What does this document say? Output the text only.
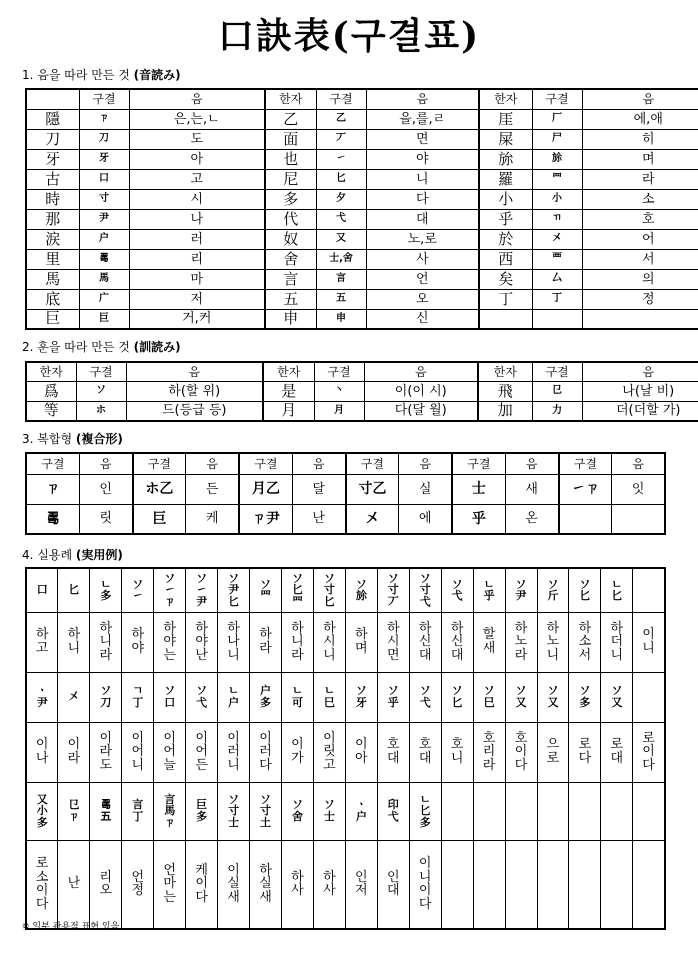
口訣表(구결표)
1. 음을 따라 만든 것 (音読み)
	구결	음	한자	구결	음	한자	구결	음
隱	ㄗ	은,는,ㄴ	乙	乙	을,를,ㄹ	厓	厂	에,애
刀	刀	도	面	丆	면	屎	尸	히
牙	牙	아	也	㇀	야	旀	㫆	며
古	口	고	尼	匕	니	羅	罒	라
時	寸	시	多	夕	다	小	小	소
那	尹	나	代	弋	대	乎	ㄲ	호
涙	户	러	奴	又	노,로	於	㐅	어
里	𠷎	리	舍	士,舍	사	西	覀	서
馬	馬	마	言	言	언	矣	厶	의
底	广	저	五	五	오	丁	丁	정
巨	巨	거,커	申	申	신			
2. 훈을 따라 만든 것 (訓読み)
한자	구결	음	한자	구결	음	한자	구결	음
爲	ソ	하(할 위)	是	丶	이(이 시)	飛	㔾	나(날 비)
等	ホ	드(등급 등)	月	月	다(달 월)	加	力	더(더할 가)
3. 복합형 (複合形)
구결	음	구결	음	구결	음	구결	음	구결	음	구결	음
ㄗ	인	ホ乙	든	月乙	달	寸乙	실	士	새	㇀ㄗ	잇
𠷎	릿	巨	케	ㄗ尹	난	㐅	에	乎	온		
4. 실용례 (実用例)
口	匕	ㄴ多	ソ㇀	ソ㇀ㄗ	ソ㇀尹	ソ尹匕	ソ罒	ソ匕罒	ソ寸匕	ソ㫆	ソ寸丆	ソ寸弋	ソ弋	ㄴ乎	ソ尹	ソ斤	ソ匕	ㄴ匕	
하고	하니	하니라	하야	하야는	하야난	하나니	하라	하니라	하시니	하며	하시면	하신대	하신대	할새	하노라	하노니	하소서	하더니	이니
ㆍ尹	㐅	ソ刀	ㄱ丁	ソ口	ソ弋	ㄴ户	户多	ㄴ可	ㄴ巳	ソ牙	ソ乎	ソ弋	ソ匕	ソ巳	ソ又	ソ又	ソ多	ソ又	
이나	이라	이라도	이어니	이어늘	이어든	이러니	이러다	이가	이릿고	이아	호대	호대	호니	호리라	호이다	으로	로다	로대	로이다
又小多	㔾ㄗ	𠷎五	言丁	言馬ㄗ	巨多	ソ寸士	ソ寸土	ソ舍	ソ士	ㆍ户	印弋	ㄴ匕多							
로소이다	난	리오	언정	언마는	케이다	이실새	하실새	하사	하사	인저	인대	이니이다							
※ 일부 관용적 표현 있음
